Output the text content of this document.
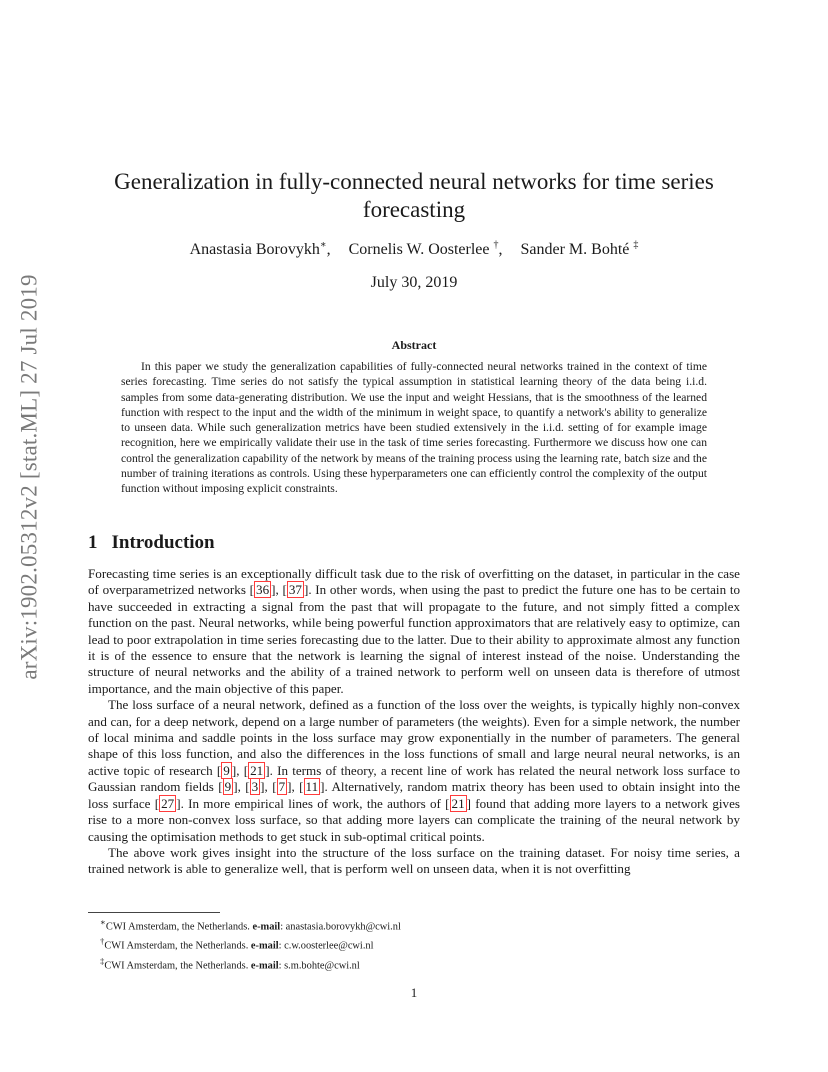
arXiv:1902.05312v2 [stat.ML] 27 Jul 2019
Generalization in fully-connected neural networks for time series
forecasting
Anastasia Borovykh∗, Cornelis W. Oosterlee †, Sander M. Bohté ‡
July 30, 2019
Abstract

In this paper we study the generalization capabilities of fully-connected neural networks trained in the context of time series forecasting. Time series do not satisfy the typical assumption in statistical learning theory of the data being i.i.d. samples from some data-generating distribution. We use the input and weight Hessians, that is the smoothness of the learned function with respect to the input and the width of the minimum in weight space, to quantify a network's ability to generalize to unseen data. While such generalization metrics have been studied extensively in the i.i.d. setting of for example image recognition, here we empirically validate their use in the task of time series forecasting. Furthermore we discuss how one can control the generalization capability of the network by means of the training process using the learning rate, batch size and the number of training iterations as controls. Using these hyperparameters one can efficiently control the complexity of the output function without imposing explicit constraints.

1 Introduction

Forecasting time series is an exceptionally difficult task due to the risk of overfitting on the dataset, in particular in the case of overparametrized networks [ 36 ], [ 37 ]. In other words, when using the past to predict the future one has to be certain to have succeeded in extracting a signal from the past that will propagate to the future, and not simply fitted a complex function on the past. Neural networks, while being powerful function approximators that are relatively easy to optimize, can lead to poor extrapolation in time series forecasting due to the latter. Due to their ability to approximate almost any function it is of the essence to ensure that the network is learning the signal of interest instead of the noise. Understanding the structure of neural networks and the ability of a trained network to perform well on unseen data is therefore of utmost importance, and the main objective of this paper.

The loss surface of a neural network, defined as a function of the loss over the weights, is typically highly non-convex and can, for a deep network, depend on a large number of parameters (the weights). Even for a simple network, the number of local minima and saddle points in the loss surface may grow exponentially in the number of parameters. The general shape of this loss function, and also the differences in the loss functions of small and large neural neural networks, is an active topic of research [ 9 ], [ 21 ]. In terms of theory, a recent line of work has related the neural network loss surface to Gaussian random fields [ 9 ], [ 3 ], [ 7 ], [ 11 ]. Alternatively, random matrix theory has been used to obtain insight into the loss surface [ 27 ]. In more empirical lines of work, the authors of [ 21 ] found that adding more layers to a network gives rise to a more non-convex loss surface, so that adding more layers can complicate the training of the neural network by causing the optimisation methods to get stuck in sub-optimal critical points.

The above work gives insight into the structure of the loss surface on the training dataset. For noisy time series, a trained network is able to generalize well, that is perform well on unseen data, when it is not overfitting

∗CWI Amsterdam, the Netherlands. e-mail: anastasia.borovykh@cwi.nl
†CWI Amsterdam, the Netherlands. e-mail: c.w.oosterlee@cwi.nl
‡CWI Amsterdam, the Netherlands. e-mail: s.m.bohte@cwi.nl
1
